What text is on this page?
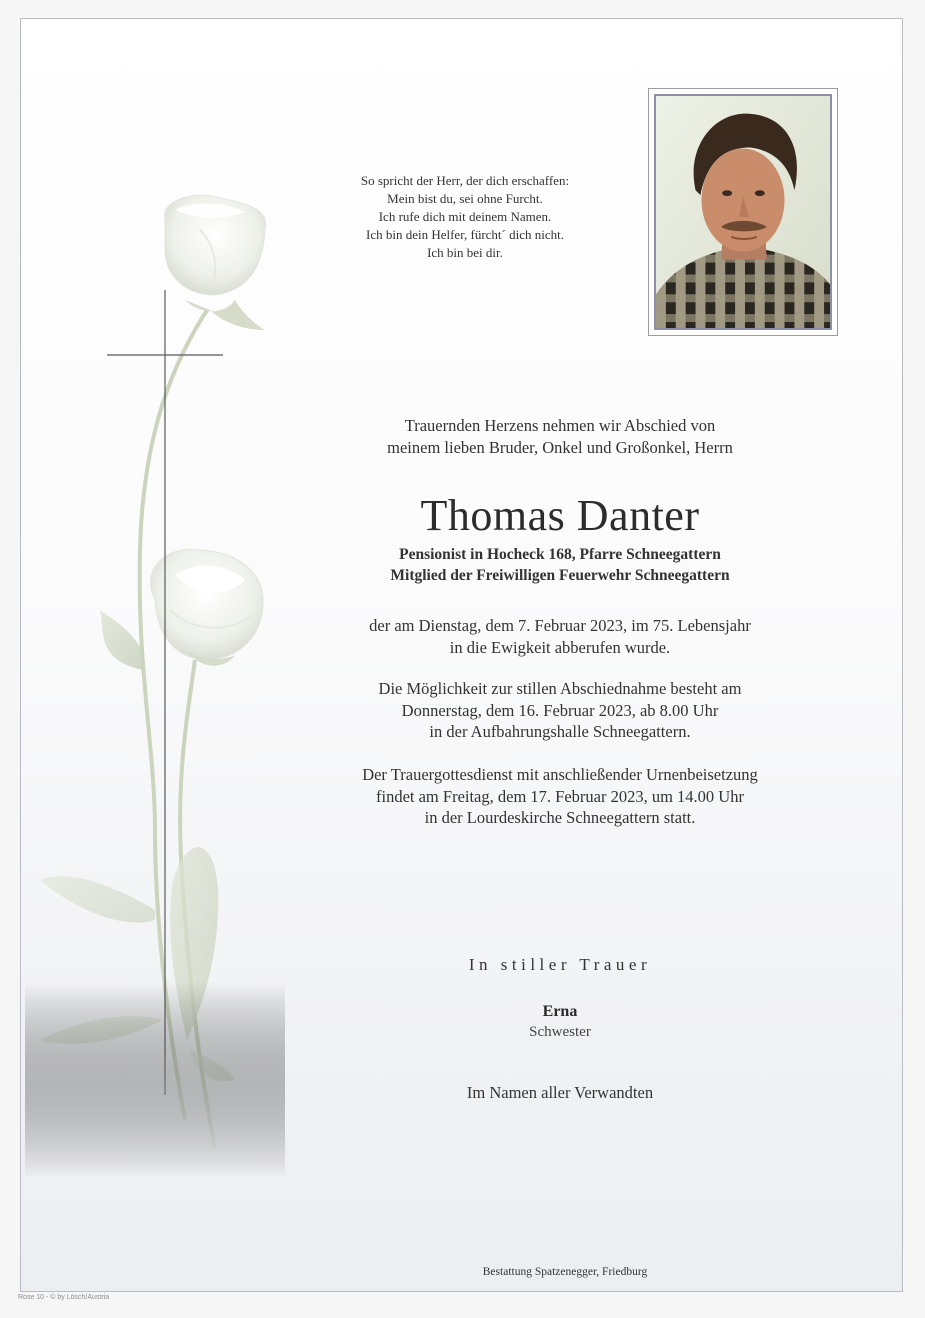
So spricht der Herr, der dich erschaffen:
Mein bist du, sei ohne Furcht.
Ich rufe dich mit deinem Namen.
Ich bin dein Helfer, fürcht´ dich nicht.
Ich bin bei dir.
Trauernden Herzens nehmen wir Abschied von
meinem lieben Bruder, Onkel und Großonkel, Herrn
Thomas Danter
Pensionist in Hocheck 168, Pfarre Schneegattern
Mitglied der Freiwilligen Feuerwehr Schneegattern
der am Dienstag, dem 7. Februar 2023, im 75. Lebensjahr
in die Ewigkeit abberufen wurde.
Die Möglichkeit zur stillen Abschiednahme besteht am
Donnerstag, dem 16. Februar 2023, ab 8.00 Uhr
in der Aufbahrungshalle Schneegattern.
Der Trauergottesdienst mit anschließender Urnenbeisetzung
findet am Freitag, dem 17. Februar 2023, um 14.00 Uhr
in der Lourdeskirche Schneegattern statt.
In stiller Trauer
Erna
Schwester
Im Namen aller Verwandten
Bestattung Spatzenegger, Friedburg
Rose 10 - © by Lösch/Austria
